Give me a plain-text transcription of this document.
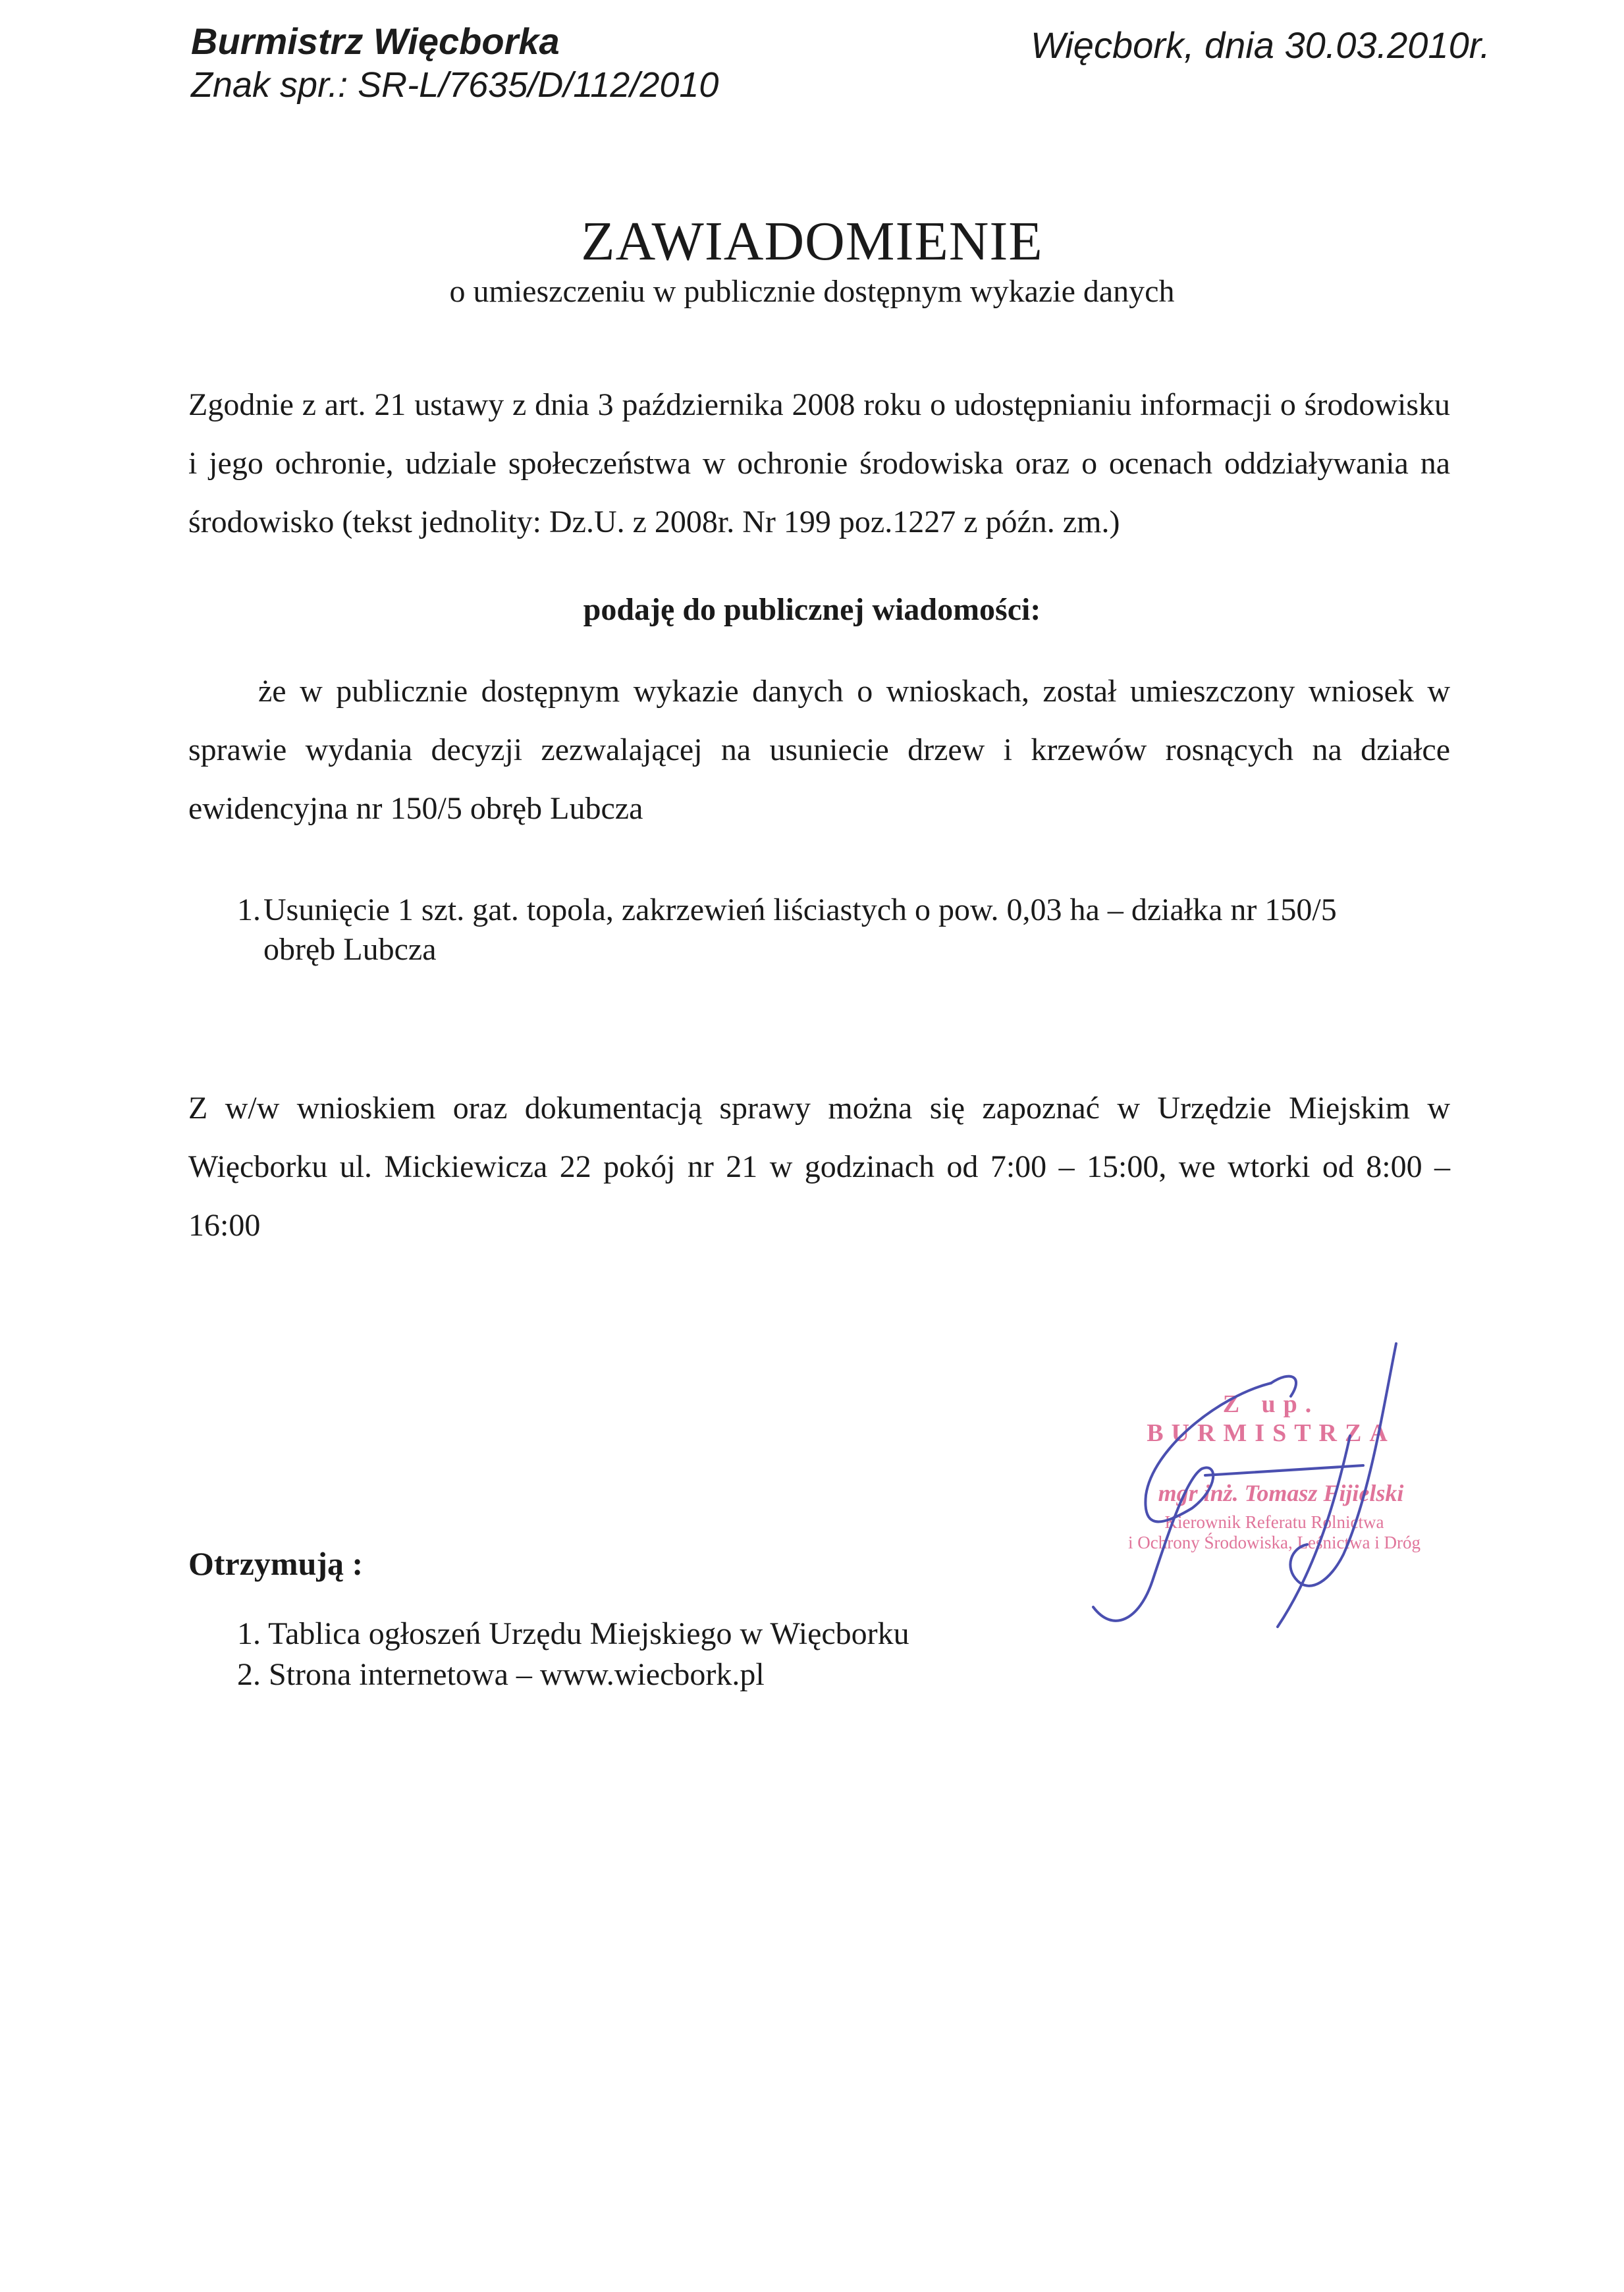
Burmistrz Więcborka
Znak spr.: SR-L/7635/D/112/2010
Więcbork, dnia 30.03.2010r.
ZAWIADOMIENIE
o umieszczeniu w publicznie dostępnym wykazie danych
Zgodnie z art. 21 ustawy z dnia 3 października 2008 roku o udostępnianiu informacji o środowisku i jego ochronie, udziale społeczeństwa w ochronie środowiska oraz o ocenach oddziaływania na środowisko (tekst jednolity: Dz.U. z 2008r. Nr 199 poz.1227 z późn. zm.)
podaję do publicznej wiadomości:
że w publicznie dostępnym wykazie danych o wnioskach, został umieszczony wniosek w sprawie wydania decyzji zezwalającej na usuniecie drzew i krzewów rosnących na działce ewidencyjna nr 150/5 obręb Lubcza
1. Usunięcie 1 szt. gat. topola, zakrzewień liściastych o pow. 0,03 ha – działka nr 150/5
obręb Lubcza
Z w/w wnioskiem oraz dokumentacją sprawy można się zapoznać w Urzędzie Miejskim w Więcborku ul. Mickiewicza 22 pokój nr 21 w godzinach od 7:00 – 15:00, we wtorki od 8:00 – 16:00
Z up. BURMISTRZA
mgr inż. Tomasz Fijielski
Kierownik Referatu Rolnictwa
i Ochrony Środowiska, Leśnictwa i Dróg
Otrzymują :
1. Tablica ogłoszeń Urzędu Miejskiego w Więcborku
2. Strona internetowa – www.wiecbork.pl
